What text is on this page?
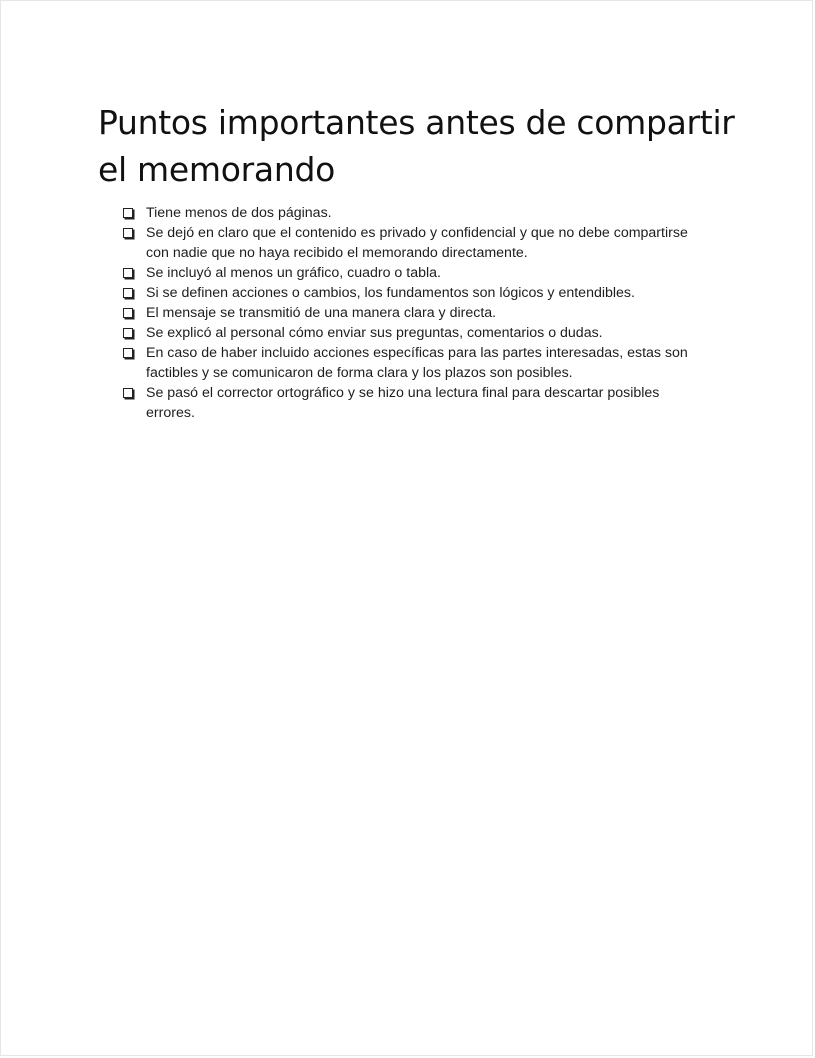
Puntos importantes antes de compartir el memorando
Tiene menos de dos páginas.
Se dejó en claro que el contenido es privado y confidencial y que no debe compartirse con nadie que no haya recibido el memorando directamente.
Se incluyó al menos un gráfico, cuadro o tabla.
Si se definen acciones o cambios, los fundamentos son lógicos y entendibles.
El mensaje se transmitió de una manera clara y directa.
Se explicó al personal cómo enviar sus preguntas, comentarios o dudas.
En caso de haber incluido acciones específicas para las partes interesadas, estas son factibles y se comunicaron de forma clara y los plazos son posibles.
Se pasó el corrector ortográfico y se hizo una lectura final para descartar posibles errores.
